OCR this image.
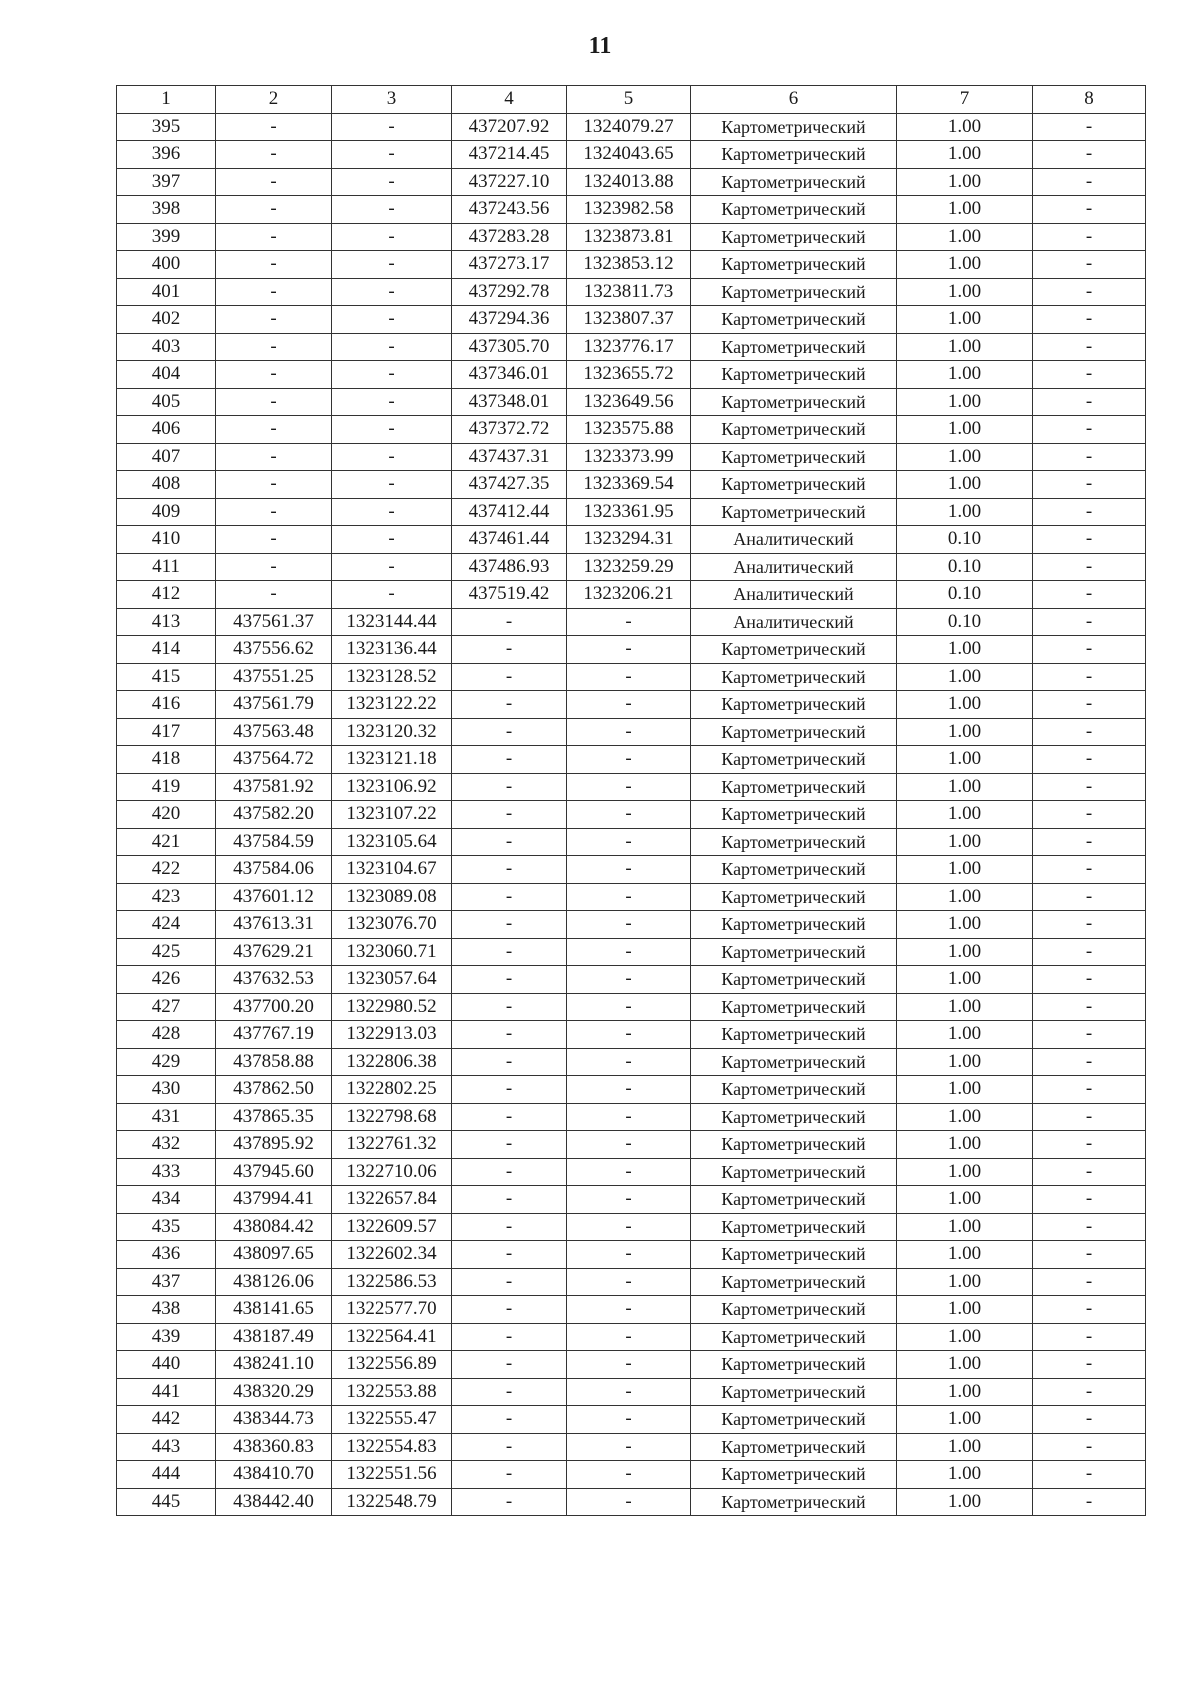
11
1	2	3	4	5	6	7	8
395	-	-	437207.92	1324079.27	Картометрический	1.00	-
396	-	-	437214.45	1324043.65	Картометрический	1.00	-
397	-	-	437227.10	1324013.88	Картометрический	1.00	-
398	-	-	437243.56	1323982.58	Картометрический	1.00	-
399	-	-	437283.28	1323873.81	Картометрический	1.00	-
400	-	-	437273.17	1323853.12	Картометрический	1.00	-
401	-	-	437292.78	1323811.73	Картометрический	1.00	-
402	-	-	437294.36	1323807.37	Картометрический	1.00	-
403	-	-	437305.70	1323776.17	Картометрический	1.00	-
404	-	-	437346.01	1323655.72	Картометрический	1.00	-
405	-	-	437348.01	1323649.56	Картометрический	1.00	-
406	-	-	437372.72	1323575.88	Картометрический	1.00	-
407	-	-	437437.31	1323373.99	Картометрический	1.00	-
408	-	-	437427.35	1323369.54	Картометрический	1.00	-
409	-	-	437412.44	1323361.95	Картометрический	1.00	-
410	-	-	437461.44	1323294.31	Аналитический	0.10	-
411	-	-	437486.93	1323259.29	Аналитический	0.10	-
412	-	-	437519.42	1323206.21	Аналитический	0.10	-
413	437561.37	1323144.44	-	-	Аналитический	0.10	-
414	437556.62	1323136.44	-	-	Картометрический	1.00	-
415	437551.25	1323128.52	-	-	Картометрический	1.00	-
416	437561.79	1323122.22	-	-	Картометрический	1.00	-
417	437563.48	1323120.32	-	-	Картометрический	1.00	-
418	437564.72	1323121.18	-	-	Картометрический	1.00	-
419	437581.92	1323106.92	-	-	Картометрический	1.00	-
420	437582.20	1323107.22	-	-	Картометрический	1.00	-
421	437584.59	1323105.64	-	-	Картометрический	1.00	-
422	437584.06	1323104.67	-	-	Картометрический	1.00	-
423	437601.12	1323089.08	-	-	Картометрический	1.00	-
424	437613.31	1323076.70	-	-	Картометрический	1.00	-
425	437629.21	1323060.71	-	-	Картометрический	1.00	-
426	437632.53	1323057.64	-	-	Картометрический	1.00	-
427	437700.20	1322980.52	-	-	Картометрический	1.00	-
428	437767.19	1322913.03	-	-	Картометрический	1.00	-
429	437858.88	1322806.38	-	-	Картометрический	1.00	-
430	437862.50	1322802.25	-	-	Картометрический	1.00	-
431	437865.35	1322798.68	-	-	Картометрический	1.00	-
432	437895.92	1322761.32	-	-	Картометрический	1.00	-
433	437945.60	1322710.06	-	-	Картометрический	1.00	-
434	437994.41	1322657.84	-	-	Картометрический	1.00	-
435	438084.42	1322609.57	-	-	Картометрический	1.00	-
436	438097.65	1322602.34	-	-	Картометрический	1.00	-
437	438126.06	1322586.53	-	-	Картометрический	1.00	-
438	438141.65	1322577.70	-	-	Картометрический	1.00	-
439	438187.49	1322564.41	-	-	Картометрический	1.00	-
440	438241.10	1322556.89	-	-	Картометрический	1.00	-
441	438320.29	1322553.88	-	-	Картометрический	1.00	-
442	438344.73	1322555.47	-	-	Картометрический	1.00	-
443	438360.83	1322554.83	-	-	Картометрический	1.00	-
444	438410.70	1322551.56	-	-	Картометрический	1.00	-
445	438442.40	1322548.79	-	-	Картометрический	1.00	-
